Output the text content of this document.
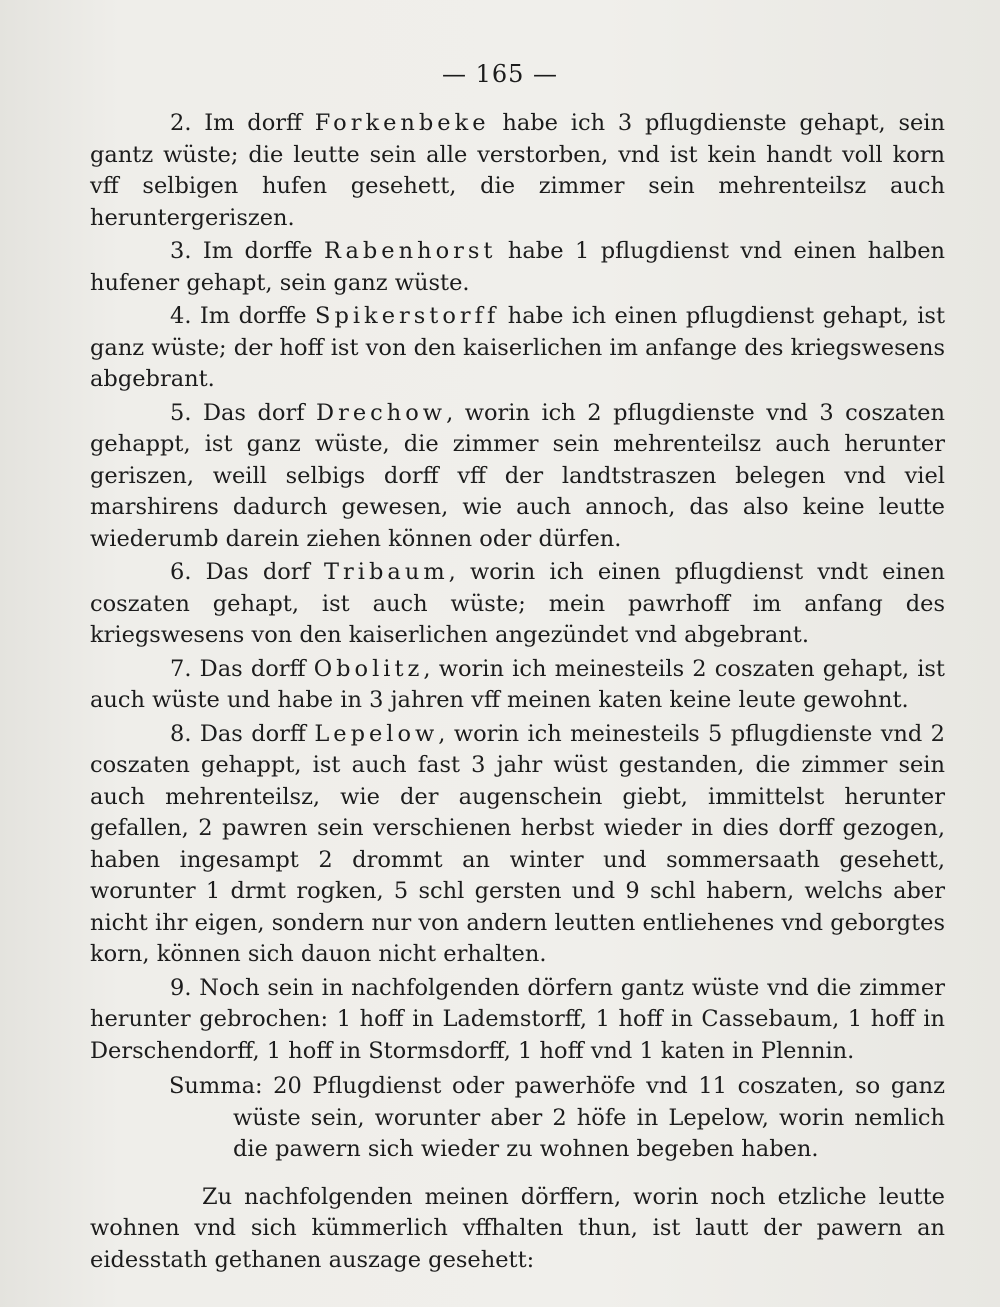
— 165 —

2. Im dorff Forkenbeke habe ich 3 pflugdienste gehapt, sein gantz wüste; die leutte sein alle verstorben, vnd ist kein handt voll korn vff selbigen hufen gesehett, die zimmer sein mehrenteilsz auch heruntergeriszen.

3. Im dorffe Rabenhorst habe 1 pflugdienst vnd einen halben hufener gehapt, sein ganz wüste.

4. Im dorffe Spikerstorff habe ich einen pflugdienst gehapt, ist ganz wüste; der hoff ist von den kaiserlichen im anfange des kriegswesens abgebrant.

5. Das dorf Drechow, worin ich 2 pflugdienste vnd 3 coszaten gehappt, ist ganz wüste, die zimmer sein mehrenteilsz auch herunter geriszen, weill selbigs dorff vff der landtstraszen belegen vnd viel marshirens dadurch gewesen, wie auch annoch, das also keine leutte wiederumb darein ziehen können oder dürfen.

6. Das dorf Tribaum, worin ich einen pflugdienst vndt einen coszaten gehapt, ist auch wüste; mein pawrhoff im anfang des kriegswesens von den kaiserlichen angezündet vnd abgebrant.

7. Das dorff Obolitz, worin ich meinesteils 2 coszaten gehapt, ist auch wüste und habe in 3 jahren vff meinen katen keine leute gewohnt.

8. Das dorff Lepelow, worin ich meinesteils 5 pflugdienste vnd 2 coszaten gehappt, ist auch fast 3 jahr wüst gestanden, die zimmer sein auch mehrenteilsz, wie der augenschein giebt, immittelst herunter gefallen, 2 pawren sein verschienen herbst wieder in dies dorff gezogen, haben ingesampt 2 drommt an winter und sommersaath gesehett, worunter 1 drmt rogken, 5 schl gersten und 9 schl habern, welchs aber nicht ihr eigen, sondern nur von andern leutten entliehenes vnd geborgtes korn, können sich dauon nicht erhalten.

9. Noch sein in nachfolgenden dörfern gantz wüste vnd die zimmer herunter gebrochen: 1 hoff in Lademstorff, 1 hoff in Cassebaum, 1 hoff in Derschendorff, 1 hoff in Stormsdorff, 1 hoff vnd 1 katen in Plennin.

Summa: 20 Pflugdienst oder pawerhöfe vnd 11 coszaten, so ganz wüste sein, worunter aber 2 höfe in Lepelow, worin nemlich die pawern sich wieder zu wohnen begeben haben.

Zu nachfolgenden meinen dörffern, worin noch etzliche leutte wohnen vnd sich kümmerlich vffhalten thun, ist lautt der pawern an eidesstath gethanen auszage gesehett:
